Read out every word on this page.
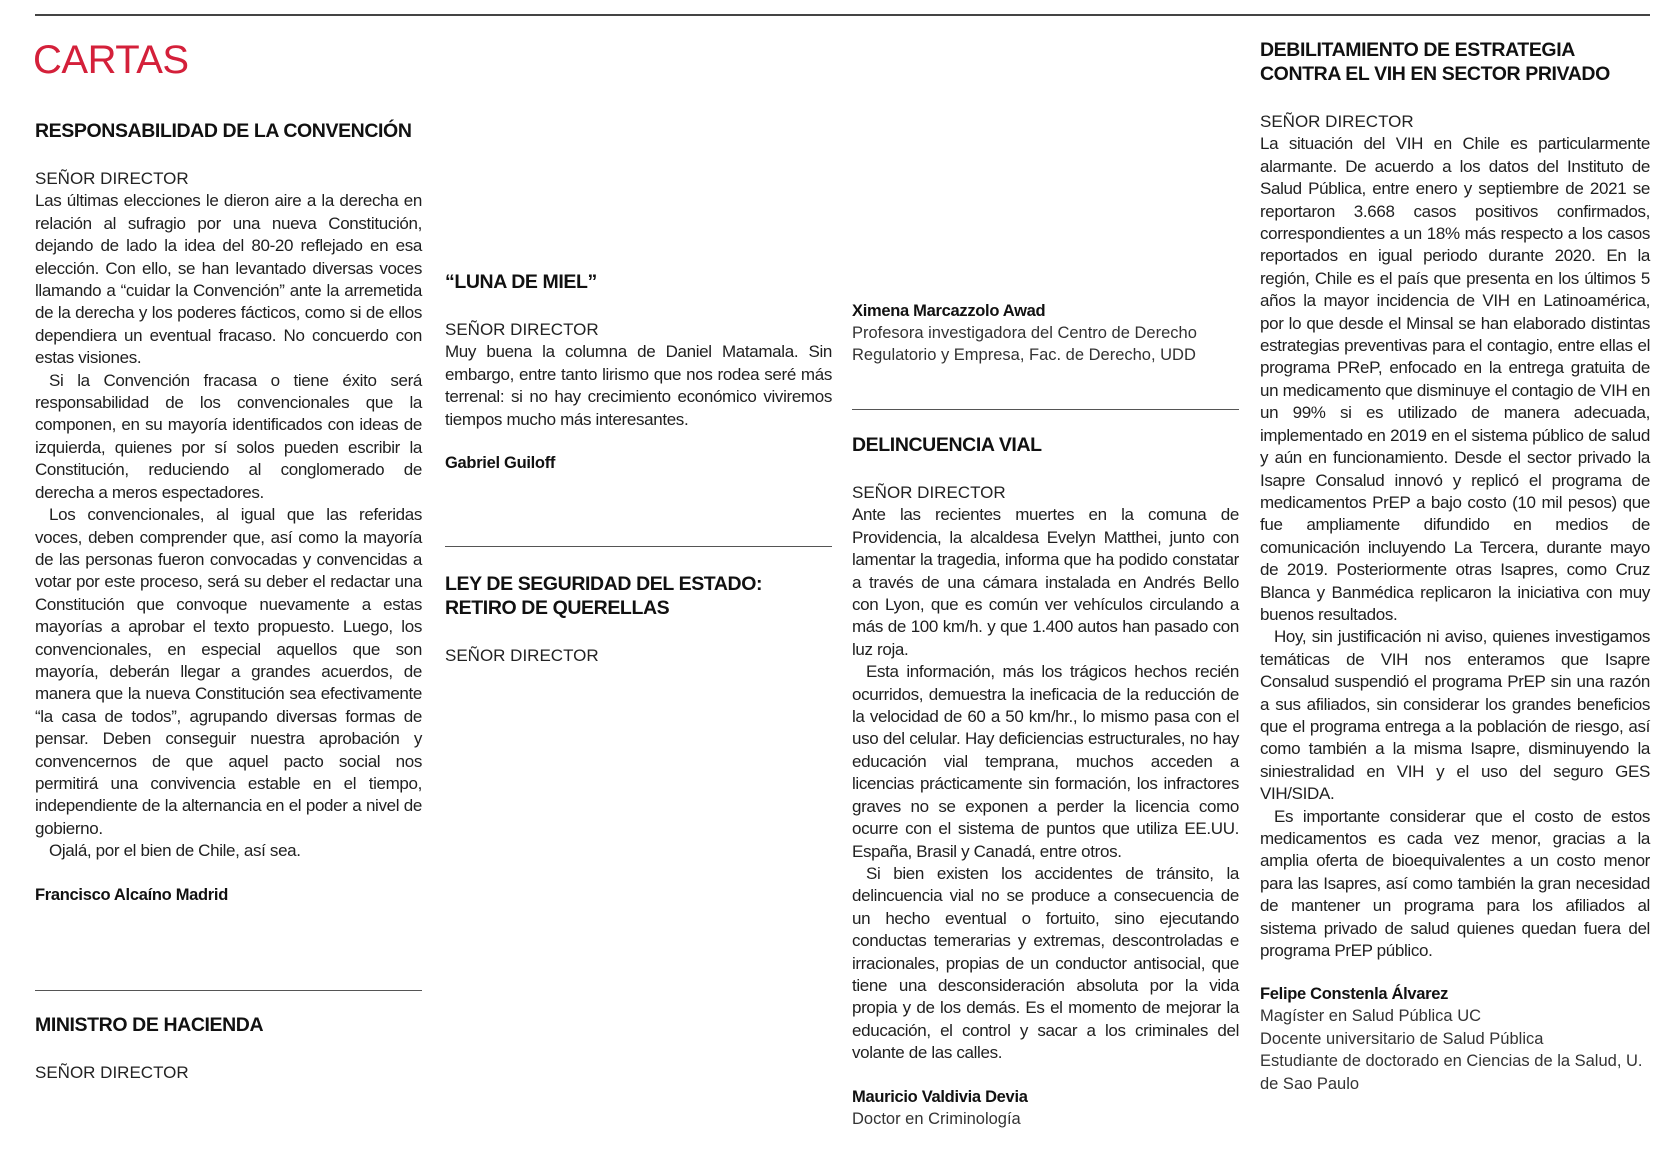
CARTAS
RESPONSABILIDAD DE LA CONVENCIÓN

SEÑOR DIRECTOR

Las últimas elecciones le dieron aire a la derecha en relación al sufragio por una nueva Constitución, dejando de lado la idea del 80-20 reflejado en esa elección. Con ello, se han levantado diversas voces llamando a “cuidar la Convención” ante la arremetida de la derecha y los poderes fácticos, como si de ellos dependiera un eventual fracaso. No concuerdo con estas visiones.

Si la Convención fracasa o tiene éxito será responsabilidad de los convencionales que la componen, en su mayoría identificados con ideas de izquierda, quienes por sí solos pueden escribir la Constitución, reduciendo al conglomerado de derecha a meros espectadores.

Los convencionales, al igual que las referidas voces, deben comprender que, así como la mayoría de las personas fueron convocadas y convencidas a votar por este proceso, será su deber el redactar una Constitución que convoque nuevamente a estas mayorías a aprobar el texto propuesto. Luego, los convencionales, en especial aquellos que son mayoría, deberán llegar a grandes acuerdos, de manera que la nueva Constitución sea efectivamente “la casa de todos”, agrupando diversas formas de pensar. Deben conseguir nuestra aprobación y convencernos de que aquel pacto social nos permitirá una convivencia estable en el tiempo, independiente de la alternancia en el poder a nivel de gobierno.

Ojalá, por el bien de Chile, así sea.

Francisco Alcaíno Madrid

MINISTRO DE HACIENDA

SEÑOR DIRECTOR

“LUNA DE MIEL”

SEÑOR DIRECTOR

Muy buena la columna de Daniel Matamala. Sin embargo, entre tanto lirismo que nos rodea seré más terrenal: si no hay crecimiento económico viviremos tiempos mucho más interesantes.

Gabriel Guiloff

LEY DE SEGURIDAD DEL ESTADO: RETIRO DE QUERELLAS

SEÑOR DIRECTOR

Ximena Marcazzolo Awad

Profesora investigadora del Centro de Derecho Regulatorio y Empresa, Fac. de Derecho, UDD

DELINCUENCIA VIAL

SEÑOR DIRECTOR

Ante las recientes muertes en la comuna de Providencia, la alcaldesa Evelyn Matthei, junto con lamentar la tragedia, informa que ha podido constatar a través de una cámara instalada en Andrés Bello con Lyon, que es común ver vehículos circulando a más de 100 km/h. y que 1.400 autos han pasado con luz roja.

Esta información, más los trágicos hechos recién ocurridos, demuestra la ineficacia de la reducción de la velocidad de 60 a 50 km/hr., lo mismo pasa con el uso del celular. Hay deficiencias estructurales, no hay educación vial temprana, muchos acceden a licencias prácticamente sin formación, los infractores graves no se exponen a perder la licencia como ocurre con el sistema de puntos que utiliza EE.UU. España, Brasil y Canadá, entre otros.

Si bien existen los accidentes de tránsito, la delincuencia vial no se produce a consecuencia de un hecho eventual o fortuito, sino ejecutando conductas temerarias y extremas, descontroladas e irracionales, propias de un conductor antisocial, que tiene una desconsideración absoluta por la vida propia y de los demás. Es el momento de mejorar la educación, el control y sacar a los criminales del volante de las calles.

Mauricio Valdivia Devia

Doctor en Criminología

DEBILITAMIENTO DE ESTRATEGIA CONTRA EL VIH EN SECTOR PRIVADO

SEÑOR DIRECTOR

La situación del VIH en Chile es particularmente alarmante. De acuerdo a los datos del Instituto de Salud Pública, entre enero y septiembre de 2021 se reportaron 3.668 casos positivos confirmados, correspondientes a un 18% más respecto a los casos reportados en igual periodo durante 2020. En la región, Chile es el país que presenta en los últimos 5 años la mayor incidencia de VIH en Latinoamérica, por lo que desde el Minsal se han elaborado distintas estrategias preventivas para el contagio, entre ellas el programa PReP, enfocado en la entrega gratuita de un medicamento que disminuye el contagio de VIH en un 99% si es utilizado de manera adecuada, implementado en 2019 en el sistema público de salud y aún en funcionamiento. Desde el sector privado la Isapre Consalud innovó y replicó el programa de medicamentos PrEP a bajo costo (10 mil pesos) que fue ampliamente difundido en medios de comunicación incluyendo La Tercera, durante mayo de 2019. Posteriormente otras Isapres, como Cruz Blanca y Banmédica replicaron la iniciativa con muy buenos resultados.

Hoy, sin justificación ni aviso, quienes investigamos temáticas de VIH nos enteramos que Isapre Consalud suspendió el programa PrEP sin una razón a sus afiliados, sin considerar los grandes beneficios que el programa entrega a la población de riesgo, así como también a la misma Isapre, disminuyendo la siniestralidad en VIH y el uso del seguro GES VIH/SIDA.

Es importante considerar que el costo de estos medicamentos es cada vez menor, gracias a la amplia oferta de bioequivalentes a un costo menor para las Isapres, así como también la gran necesidad de mantener un programa para los afiliados al sistema privado de salud quienes quedan fuera del programa PrEP público.

Felipe Constenla Álvarez

Magíster en Salud Pública UC

Docente universitario de Salud Pública

Estudiante de doctorado en Ciencias de la Salud, U. de Sao Paulo
